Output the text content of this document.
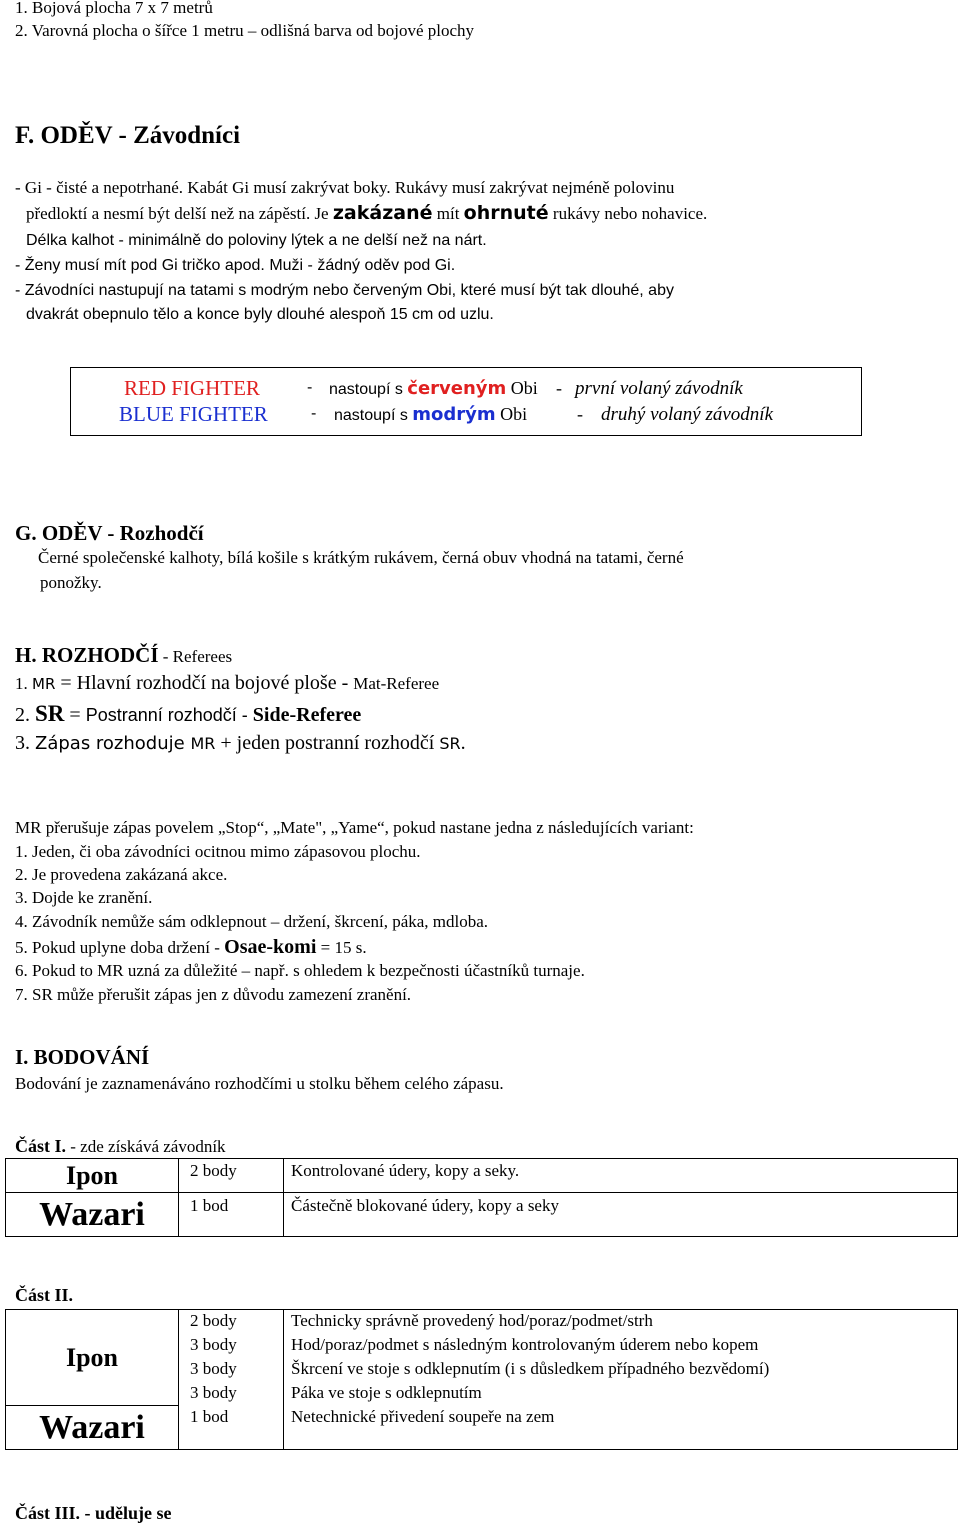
1. Bojová plocha 7 x 7 metrů
2. Varovná plocha o šířce 1 metru – odlišná barva od bojové plochy
F. ODĚV - Závodníci
- Gi - čisté a nepotrhané. Kabát Gi musí zakrývat boky. Rukávy musí zakrývat nejméně polovinu
předloktí a nesmí být delší než na zápěstí. Je zakázané mít ohrnuté rukávy nebo nohavice.
Délka kalhot - minimálně do poloviny lýtek a ne delší než na nárt.
- Ženy musí mít pod Gi tričko apod. Muži - žádný oděv pod Gi.
- Závodníci nastupují na tatami s modrým nebo červeným Obi, které musí být tak dlouhé, aby
dvakrát obepnulo tělo a konce byly dlouhé alespoň 15 cm od uzlu.
RED FIGHTER	- nastoupí s červeným Obi - první volaný závodník
BLUE FIGHTER	- nastoupí s modrým Obi	- druhý volaný závodník
G. ODĚV - Rozhodčí
Černé společenské kalhoty, bílá košile s krátkým rukávem, černá obuv vhodná na tatami, černé
ponožky.
H. ROZHODČÍ - Referees
1. MR = Hlavní rozhodčí na bojové ploše - Mat-Referee
2. SR = Postranní rozhodčí - Side-Referee
3. Zápas rozhoduje MR + jeden postranní rozhodčí SR.
MR přerušuje zápas povelem „Stop“, „Mate", „Yame“, pokud nastane jedna z následujících variant:
1. Jeden, či oba závodníci ocitnou mimo zápasovou plochu.
2. Je provedena zakázaná akce.
3. Dojde ke zranění.
4. Závodník nemůže sám odklepnout – držení, škrcení, páka, mdloba.
5. Pokud uplyne doba držení - Osae-komi = 15 s.
6. Pokud to MR uzná za důležité – např. s ohledem k bezpečnosti účastníků turnaje.
7. SR může přerušit zápas jen z důvodu zamezení zranění.
I. BODOVÁNÍ
Bodování je zaznamenáváno rozhodčími u stolku během celého zápasu.
Část I. - zde získává závodník
Ipon	2 body	Kontrolované údery, kopy a seky.

Wazari	1 bod	Částečně blokované údery, kopy a seky
Část II.
Ipon	2 body	Technicky správně provedený hod/poraz/podmet/strh

	3 body	Hod/poraz/podmet s následným kontrolovaným úderem nebo kopem

	3 body	Škrcení ve stoje s odklepnutím (i s důsledkem případného bezvědomí)

	3 body	Páka ve stoje s odklepnutím

Wazari	1 bod	Netechnické přivedení soupeře na zem
Část III. - uděluje se
